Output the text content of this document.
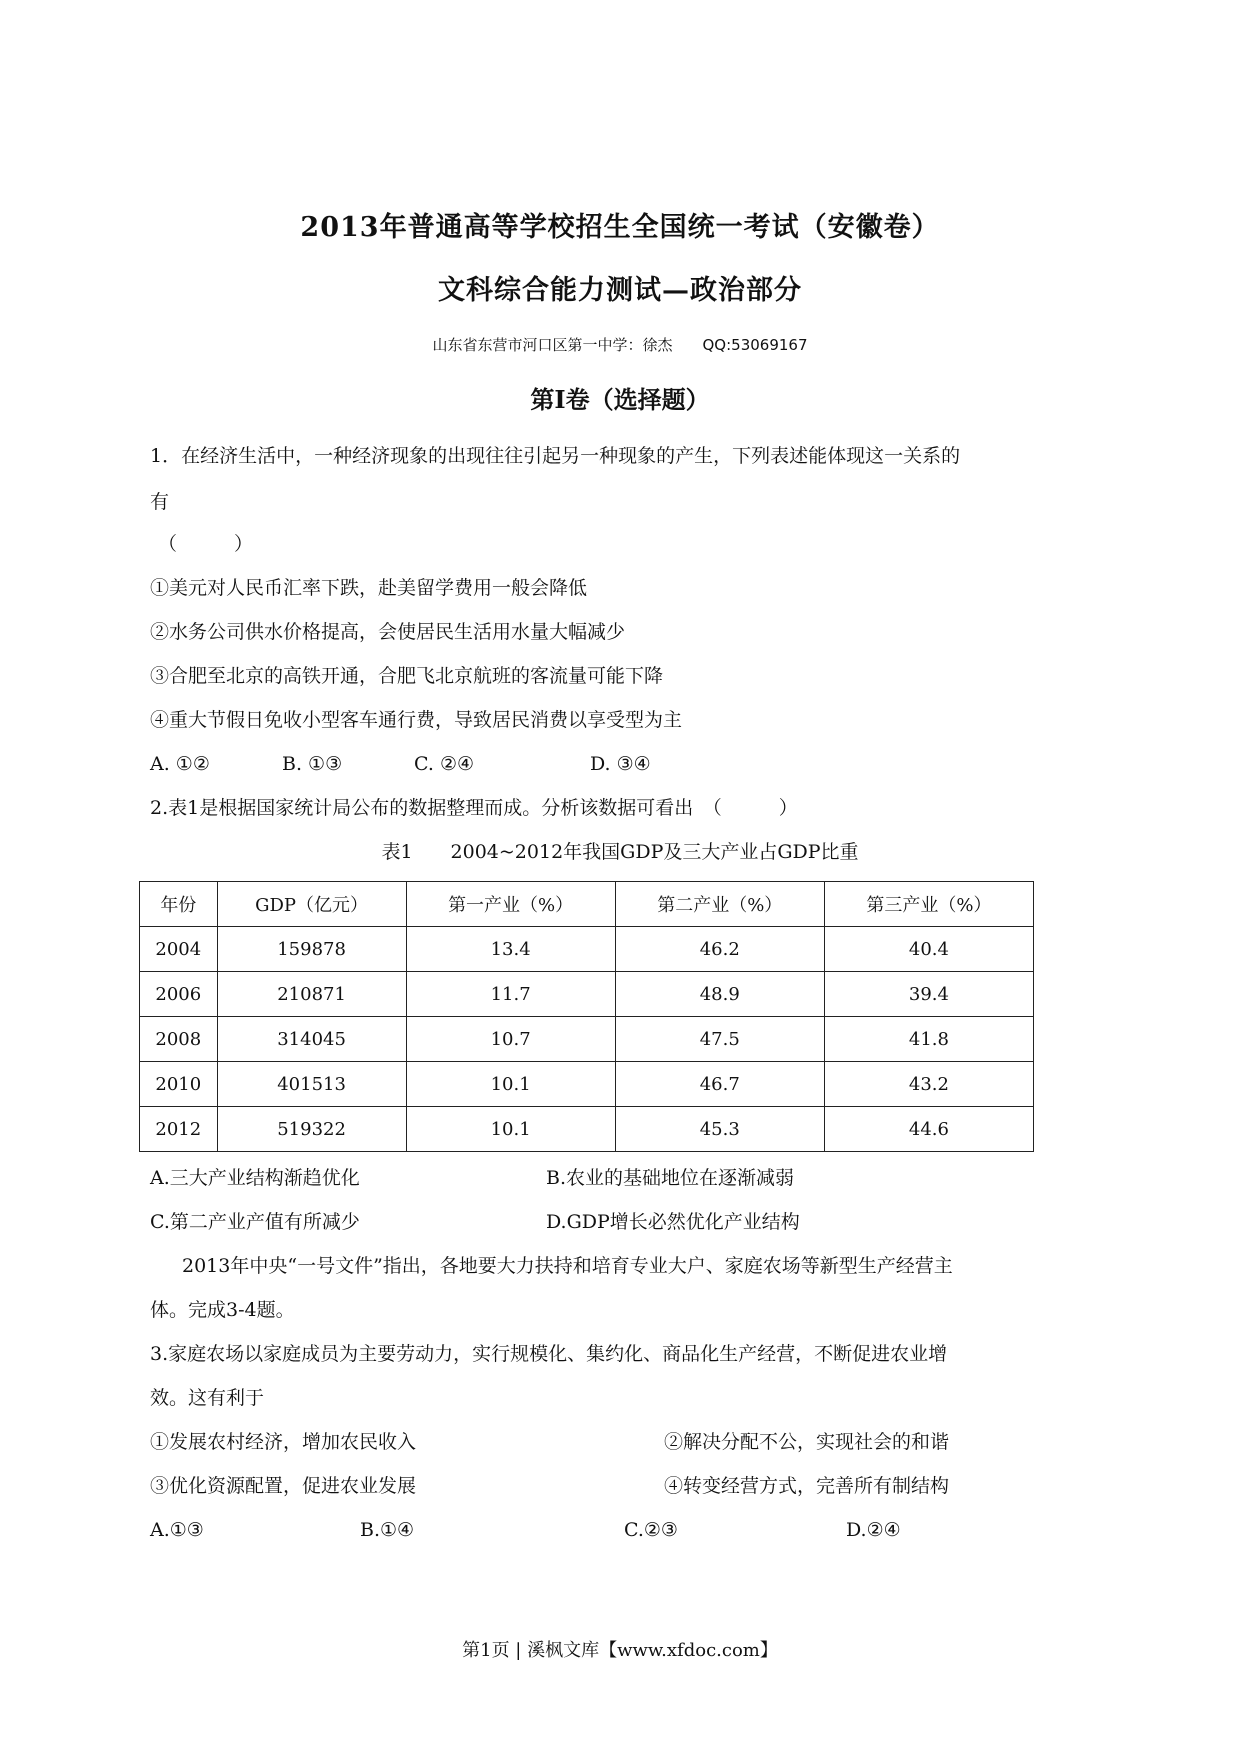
2013年普通高等学校招生全国统一考试（安徽卷）
文科综合能力测试—政治部分
山东省东营市河口区第一中学：徐杰　　QQ:53069167
第Ⅰ卷（选择题）
1．在经济生活中，一种经济现象的出现往往引起另一种现象的产生，下列表述能体现这一关系的
有
（　　　）
①美元对人民币汇率下跌，赴美留学费用一般会降低
②水务公司供水价格提高，会使居民生活用水量大幅减少
③合肥至北京的高铁开通，合肥飞北京航班的客流量可能下降
④重大节假日免收小型客车通行费，导致居民消费以享受型为主
A. ①②	B. ①③	C. ②④	D. ③④
2.表1是根据国家统计局公布的数据整理而成。分析该数据可看出　（　　　）
表1　　2004~2012年我国GDP及三大产业占GDP比重
年份	GDP（亿元）	第一产业（%）	第二产业（%）	第三产业（%）
2004	159878	13.4	46.2	40.4
2006	210871	11.7	48.9	39.4
2008	314045	10.7	47.5	41.8
2010	401513	10.1	46.7	43.2
2012	519322	10.1	45.3	44.6
A.三大产业结构渐趋优化	B.农业的基础地位在逐渐减弱
C.第二产业产值有所减少	D.GDP增长必然优化产业结构
2013年中央“一号文件”指出，各地要大力扶持和培育专业大户、家庭农场等新型生产经营主
体。完成3-4题。
3.家庭农场以家庭成员为主要劳动力，实行规模化、集约化、商品化生产经营，不断促进农业增
效。这有利于
①发展农村经济，增加农民收入	②解决分配不公，实现社会的和谐
③优化资源配置，促进农业发展	④转变经营方式，完善所有制结构
A.①③	B.①④	C.②③	D.②④
第1页 | 溪枫文库【www.xfdoc.com】
